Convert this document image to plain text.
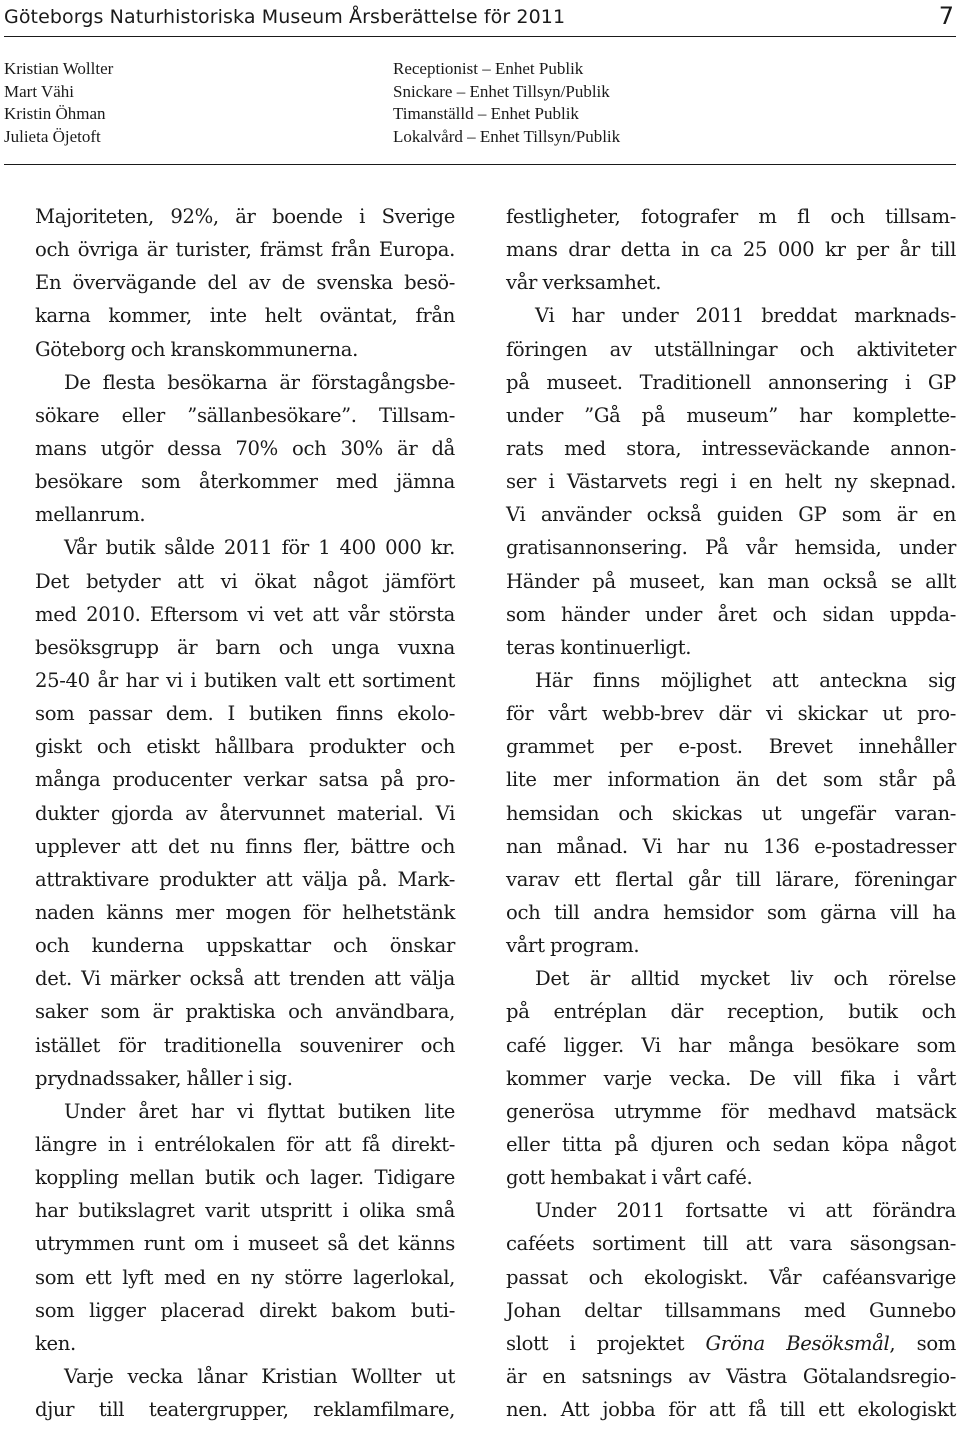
Göteborgs Naturhistoriska Museum Årsberättelse för 2011	7
Kristian Wollter
Mart Vähi
Kristin Öhman
Julieta Öjetoft
Receptionist – Enhet Publik
Snickare – Enhet Tillsyn/Publik
Timanställd – Enhet Publik
Lokalvård – Enhet Tillsyn/Publik

Majoriteten, 92%, är boende i Sverige
och övriga är turister, främst från Europa.
En övervägande del av de svenska besö-
karna kommer, inte helt oväntat, från
Göteborg och kranskommunerna.

De flesta besökarna är förstagångsbe-
sökare eller ”sällanbesökare”. Tillsam-
mans utgör dessa 70% och 30% är då
besökare som återkommer med jämna
mellanrum.

Vår butik sålde 2011 för 1 400 000 kr.
Det betyder att vi ökat något jämfört
med 2010. Eftersom vi vet att vår största
besöksgrupp är barn och unga vuxna
25-40 år har vi i butiken valt ett sortiment
som passar dem. I butiken finns ekolo-
giskt och etiskt hållbara produkter och
många producenter verkar satsa på pro-
dukter gjorda av återvunnet material. Vi
upplever att det nu finns fler, bättre och
attraktivare produkter att välja på. Mark-
naden känns mer mogen för helhetstänk
och kunderna uppskattar och önskar
det. Vi märker också att trenden att välja
saker som är praktiska och användbara,
istället för traditionella souvenirer och
prydnadssaker, håller i sig.

Under året har vi flyttat butiken lite
längre in i entrélokalen för att få direkt-
koppling mellan butik och lager. Tidigare
har butikslagret varit utspritt i olika små
utrymmen runt om i museet så det känns
som ett lyft med en ny större lagerlokal,
som ligger placerad direkt bakom buti-
ken.

Varje vecka lånar Kristian Wollter ut
djur till teatergrupper, reklamfilmare,

festligheter, fotografer m fl och tillsam-
mans drar detta in ca 25 000 kr per år till
vår verksamhet.

Vi har under 2011 breddat marknads-
föringen av utställningar och aktiviteter
på museet. Traditionell annonsering i GP
under ”Gå på museum” har komplette-
rats med stora, intresseväckande annon-
ser i Västarvets regi i en helt ny skepnad.
Vi använder också guiden GP som är en
gratisannonsering. På vår hemsida, under
Händer på museet, kan man också se allt
som händer under året och sidan uppda-
teras kontinuerligt.

Här finns möjlighet att anteckna sig
för vårt webb-brev där vi skickar ut pro-
grammet per e-post. Brevet innehåller
lite mer information än det som står på
hemsidan och skickas ut ungefär varan-
nan månad. Vi har nu 136 e-postadresser
varav ett flertal går till lärare, föreningar
och till andra hemsidor som gärna vill ha
vårt program.

Det är alltid mycket liv och rörelse
på entréplan där reception, butik och
café ligger. Vi har många besökare som
kommer varje vecka. De vill fika i vårt
generösa utrymme för medhavd matsäck
eller titta på djuren och sedan köpa något
gott hembakat i vårt café.

Under 2011 fortsatte vi att förändra
caféets sortiment till att vara säsongsan-
passat och ekologiskt. Vår caféansvarige
Johan deltar tillsammans med Gunnebo
slott i projektet Gröna Besöksmål, som
är en satsnings av Västra Götalandsregio-
nen. Att jobba för att få till ett ekologiskt
